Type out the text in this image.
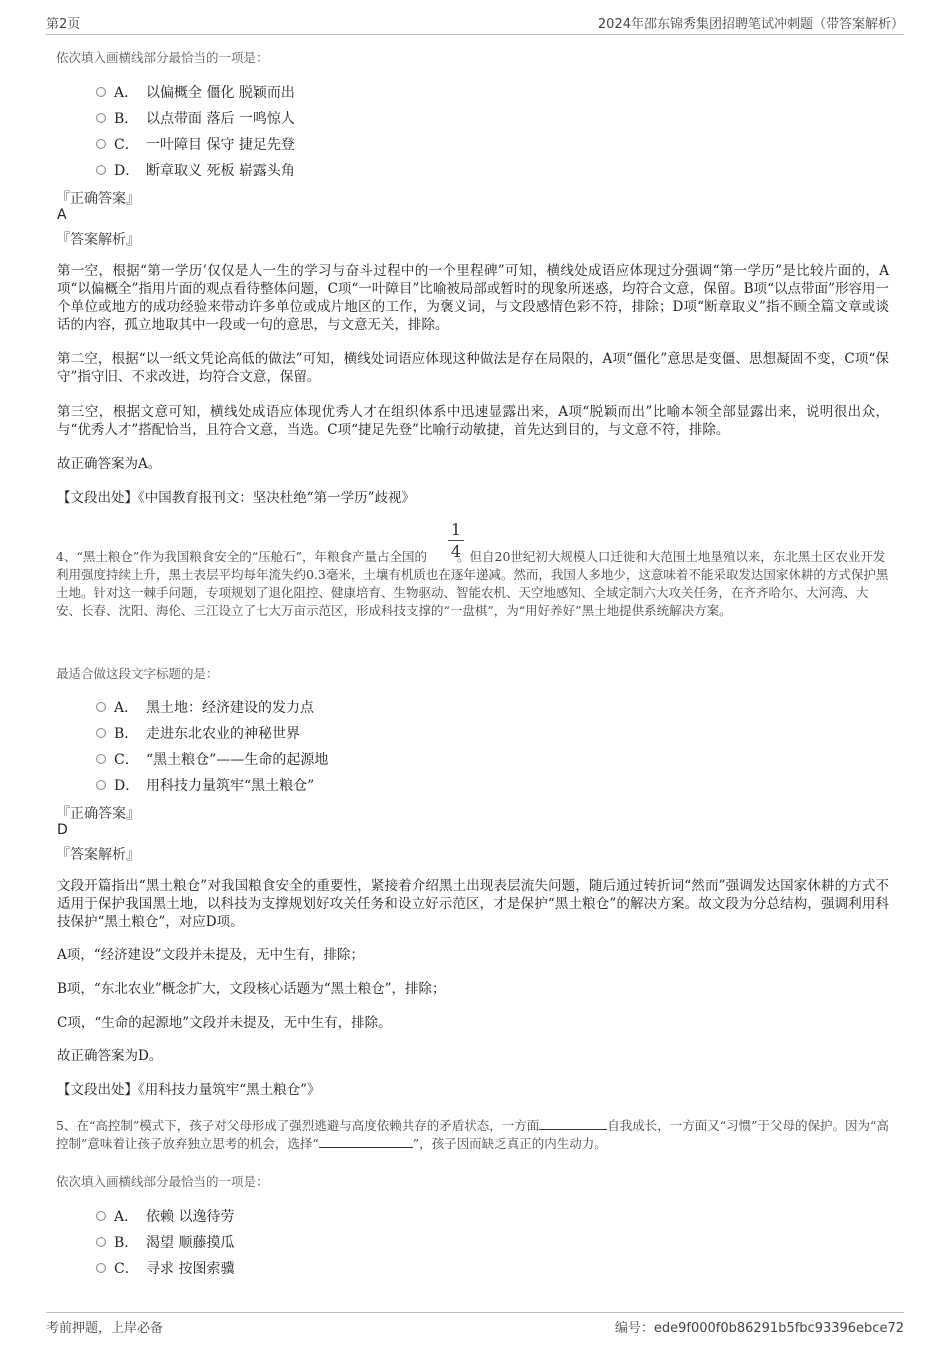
第2页	2024年邵东锦秀集团招聘笔试冲刺题（带答案解析）
依次填入画横线部分最恰当的一项是：
A． 以偏概全 僵化 脱颖而出
B． 以点带面 落后 一鸣惊人
C． 一叶障目 保守 捷足先登
D． 断章取义 死板 崭露头角
『正确答案』
A
『答案解析』
第一空，根据“第一学历’仅仅是人一生的学习与奋斗过程中的一个里程碑”可知，横线处成语应体现过分强调“第一学历”是比较片面的，A项“以偏概全”指用片面的观点看待整体问题，C项“一叶障目”比喻被局部或暂时的现象所迷惑，均符合文意，保留。B项“以点带面”形容用一个单位或地方的成功经验来带动许多单位或成片地区的工作，为褒义词，与文段感情色彩不符，排除；D项“断章取义”指不顾全篇文章或谈话的内容，孤立地取其中一段或一句的意思，与文意无关，排除。
第二空，根据“以一纸文凭论高低的做法”可知，横线处词语应体现这种做法是存在局限的，A项“僵化”意思是变僵、思想凝固不变，C项“保守”指守旧、不求改进，均符合文意，保留。
第三空，根据文意可知，横线处成语应体现优秀人才在组织体系中迅速显露出来，A项“脱颖而出”比喻本领全部显露出来，说明很出众，与“优秀人才”搭配恰当，且符合文意，当选。C项“捷足先登”比喻行动敏捷，首先达到目的，与文意不符，排除。
故正确答案为A。
【文段出处】《中国教育报刊文：坚决杜绝“第一学历”歧视》
1
4
4、“黑土粮仓”作为我国粮食安全的“压舱石”，年粮食产量占全国的 。但自20世纪初大规模人口迁徙和大范围土地垦殖以来，东北黑土区农业开发利用强度持续上升，黑土表层平均每年流失约0.3毫米，土壤有机质也在逐年递减。然而，我国人多地少，这意味着不能采取发达国家休耕的方式保护黑土地。针对这一棘手问题，专项规划了退化阻控、健康培育、生物驱动、智能农机、天空地感知、全域定制六大攻关任务，在齐齐哈尔、大河湾、大安、长春、沈阳、海伦、三江设立了七大万亩示范区，形成科技支撑的“一盘棋”，为“用好养好”黑土地提供系统解决方案。
最适合做这段文字标题的是：
A． 黑土地：经济建设的发力点
B． 走进东北农业的神秘世界
C． “黑土粮仓”——生命的起源地
D． 用科技力量筑牢“黑土粮仓”
『正确答案』
D
『答案解析』
文段开篇指出“黑土粮仓”对我国粮食安全的重要性，紧接着介绍黑土出现表层流失问题，随后通过转折词“然而”强调发达国家休耕的方式不适用于保护我国黑土地，以科技为支撑规划好攻关任务和设立好示范区，才是保护“黑土粮仓”的解决方案。故文段为分总结构，强调利用科技保护“黑土粮仓”，对应D项。
A项，“经济建设”文段并未提及，无中生有，排除；
B项，“东北农业”概念扩大，文段核心话题为“黑土粮仓”，排除；
C项，“生命的起源地”文段并未提及，无中生有，排除。
故正确答案为D。
【文段出处】《用科技力量筑牢“黑土粮仓”》
5、在“高控制”模式下，孩子对父母形成了强烈逃避与高度依赖共存的矛盾状态，一方面	自我成长，一方面又“习惯”于父母的保护。因为“高控制”意味着让孩子放弃独立思考的机会，选择“	”，孩子因而缺乏真正的内生动力。
依次填入画横线部分最恰当的一项是：
A． 依赖 以逸待劳
B． 渴望 顺藤摸瓜
C． 寻求 按图索骥
考前押题，上岸必备	编号：ede9f000f0b86291b5fbc93396ebce72
